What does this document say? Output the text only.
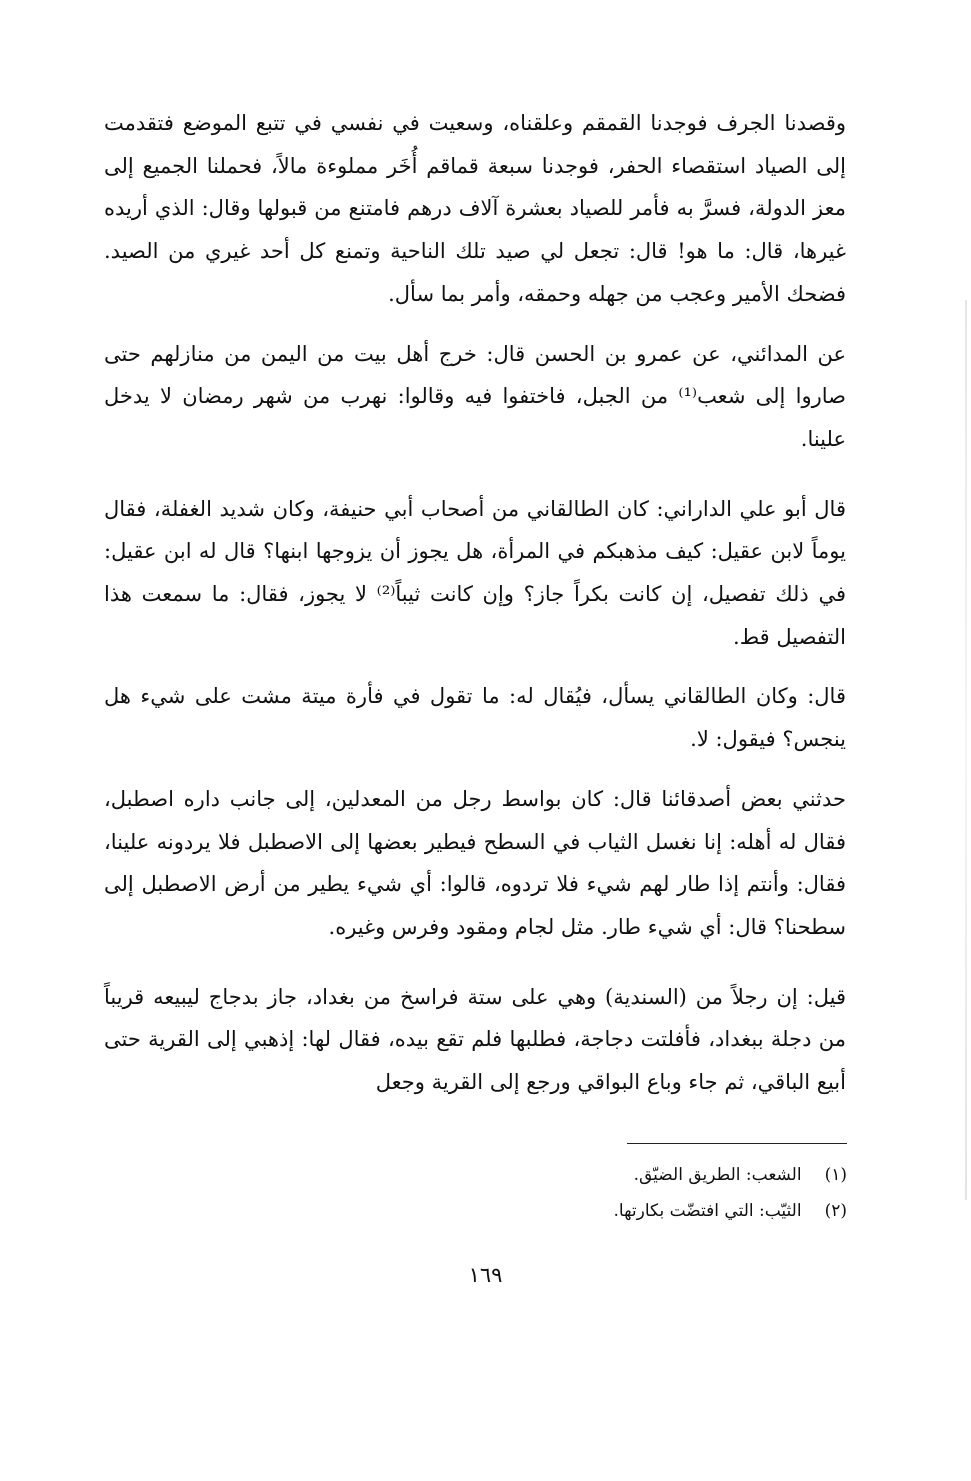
وقصدنا الجرف فوجدنا القمقم وعلقناه، وسعيت في نفسي في تتبع الموضع فتقدمت إلى الصياد استقصاء الحفر، فوجدنا سبعة قماقم أُخَر مملوءة مالاً، فحملنا الجميع إلى معز الدولة، فسرَّ به فأمر للصياد بعشرة آلاف درهم فامتنع من قبولها وقال: الذي أريده غيرها، قال: ما هو! قال: تجعل لي صيد تلك الناحية وتمنع كل أحد غيري من الصيد. فضحك الأمير وعجب من جهله وحمقه، وأمر بما سأل.

عن المدائني، عن عمرو بن الحسن قال: خرج أهل بيت من اليمن من منازلهم حتى صاروا إلى شعب⁽¹⁾ من الجبل، فاختفوا فيه وقالوا: نهرب من شهر رمضان لا يدخل علينا.

قال أبو علي الداراني: كان الطالقاني من أصحاب أبي حنيفة، وكان شديد الغفلة، فقال يوماً لابن عقيل: كيف مذهبكم في المرأة، هل يجوز أن يزوجها ابنها؟ قال له ابن عقيل: في ذلك تفصيل، إن كانت بكراً جاز؟ وإن كانت ثيباً⁽²⁾ لا يجوز، فقال: ما سمعت هذا التفصيل قط.

قال: وكان الطالقاني يسأل، فيُقال له: ما تقول في فأرة ميتة مشت على شيء هل ينجس؟ فيقول: لا.

حدثني بعض أصدقائنا قال: كان بواسط رجل من المعدلين، إلى جانب داره اصطبل، فقال له أهله: إنا نغسل الثياب في السطح فيطير بعضها إلى الاصطبل فلا يردونه علينا، فقال: وأنتم إذا طار لهم شيء فلا تردوه، قالوا: أي شيء يطير من أرض الاصطبل إلى سطحنا؟ قال: أي شيء طار. مثل لجام ومقود وفرس وغيره.

قيل: إن رجلاً من (السندية) وهي على ستة فراسخ من بغداد، جاز بدجاج ليبيعه قريباً من دجلة ببغداد، فأفلتت دجاجة، فطلبها فلم تقع بيده، فقال لها: إذهبي إلى القرية حتى أبيع الباقي، ثم جاء وباع البواقي ورجع إلى القرية وجعل

(١) الشعب: الطريق الضيّق.

(٢) الثيّب: التي افتضّت بكارتها.

١٦٩
